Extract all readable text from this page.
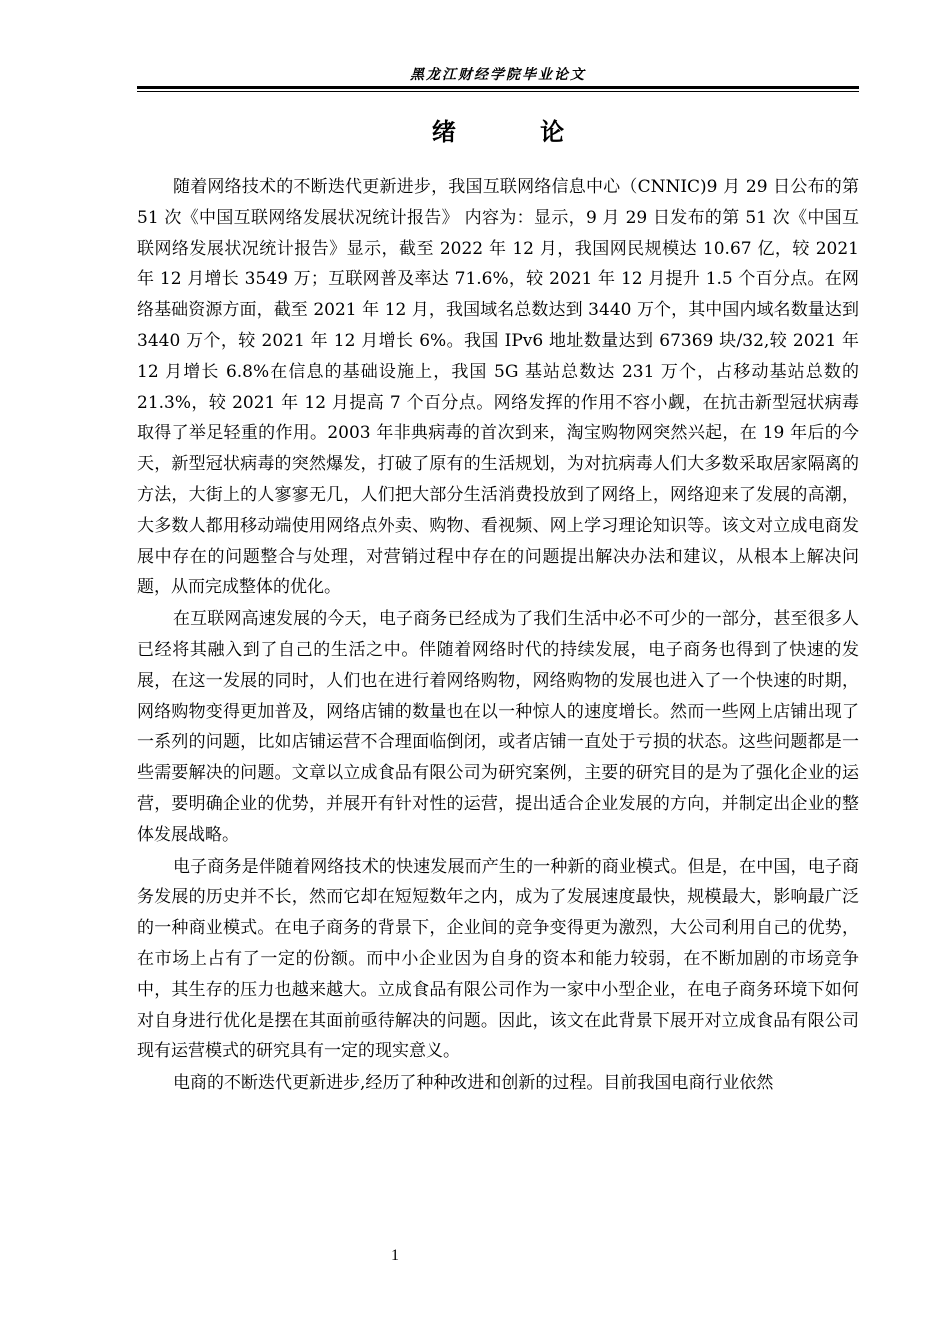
黑龙江财经学院毕业论文
绪 论

随着网络技术的不断迭代更新进步，我国互联网络信息中心（CNNIC)9 月 29 日公布的第 51 次《中国互联网络发展状况统计报告》 内容为：显示，9 月 29 日发布的第 51 次《中国互联网络发展状况统计报告》显示，截至 2022 年 12 月，我国网民规模达 10.67 亿，较 2021 年 12 月增长 3549 万；互联网普及率达 71.6%，较 2021 年 12 月提升 1.5 个百分点。在网络基础资源方面，截至 2021 年 12 月，我国域名总数达到 3440 万个，其中国内域名数量达到 3440 万个，较 2021 年 12 月增长 6%。我国 IPv6 地址数量达到 67369 块/32,较 2021 年 12 月增长 6.8%在信息的基础设施上，我国 5G 基站总数达 231 万个，占移动基站总数的 21.3%，较 2021 年 12 月提高 7 个百分点。网络发挥的作用不容小觑，在抗击新型冠状病毒取得了举足轻重的作用。2003 年非典病毒的首次到来，淘宝购物网突然兴起，在 19 年后的今天，新型冠状病毒的突然爆发，打破了原有的生活规划，为对抗病毒人们大多数采取居家隔离的方法，大街上的人寥寥无几，人们把大部分生活消费投放到了网络上，网络迎来了发展的高潮，大多数人都用移动端使用网络点外卖、购物、看视频、网上学习理论知识等。该文对立成电商发展中存在的问题整合与处理，对营销过程中存在的问题提出解决办法和建议，从根本上解决问题，从而完成整体的优化。

在互联网高速发展的今天，电子商务已经成为了我们生活中必不可少的一部分，甚至很多人已经将其融入到了自己的生活之中。伴随着网络时代的持续发展，电子商务也得到了快速的发展，在这一发展的同时，人们也在进行着网络购物，网络购物的发展也进入了一个快速的时期，网络购物变得更加普及，网络店铺的数量也在以一种惊人的速度增长。然而一些网上店铺出现了一系列的问题，比如店铺运营不合理面临倒闭，或者店铺一直处于亏损的状态。这些问题都是一些需要解决的问题。文章以立成食品有限公司为研究案例，主要的研究目的是为了强化企业的运营，要明确企业的优势，并展开有针对性的运营，提出适合企业发展的方向，并制定出企业的整体发展战略。

电子商务是伴随着网络技术的快速发展而产生的一种新的商业模式。但是，在中国，电子商务发展的历史并不长，然而它却在短短数年之内，成为了发展速度最快，规模最大，影响最广泛的一种商业模式。在电子商务的背景下，企业间的竞争变得更为激烈，大公司利用自己的优势，在市场上占有了一定的份额。而中小企业因为自身的资本和能力较弱，在不断加剧的市场竞争中，其生存的压力也越来越大。立成食品有限公司作为一家中小型企业，在电子商务环境下如何对自身进行优化是摆在其面前亟待解决的问题。因此，该文在此背景下展开对立成食品有限公司现有运营模式的研究具有一定的现实意义。

电商的不断迭代更新进步,经历了种种改进和创新的过程。目前我国电商行业依然

1
